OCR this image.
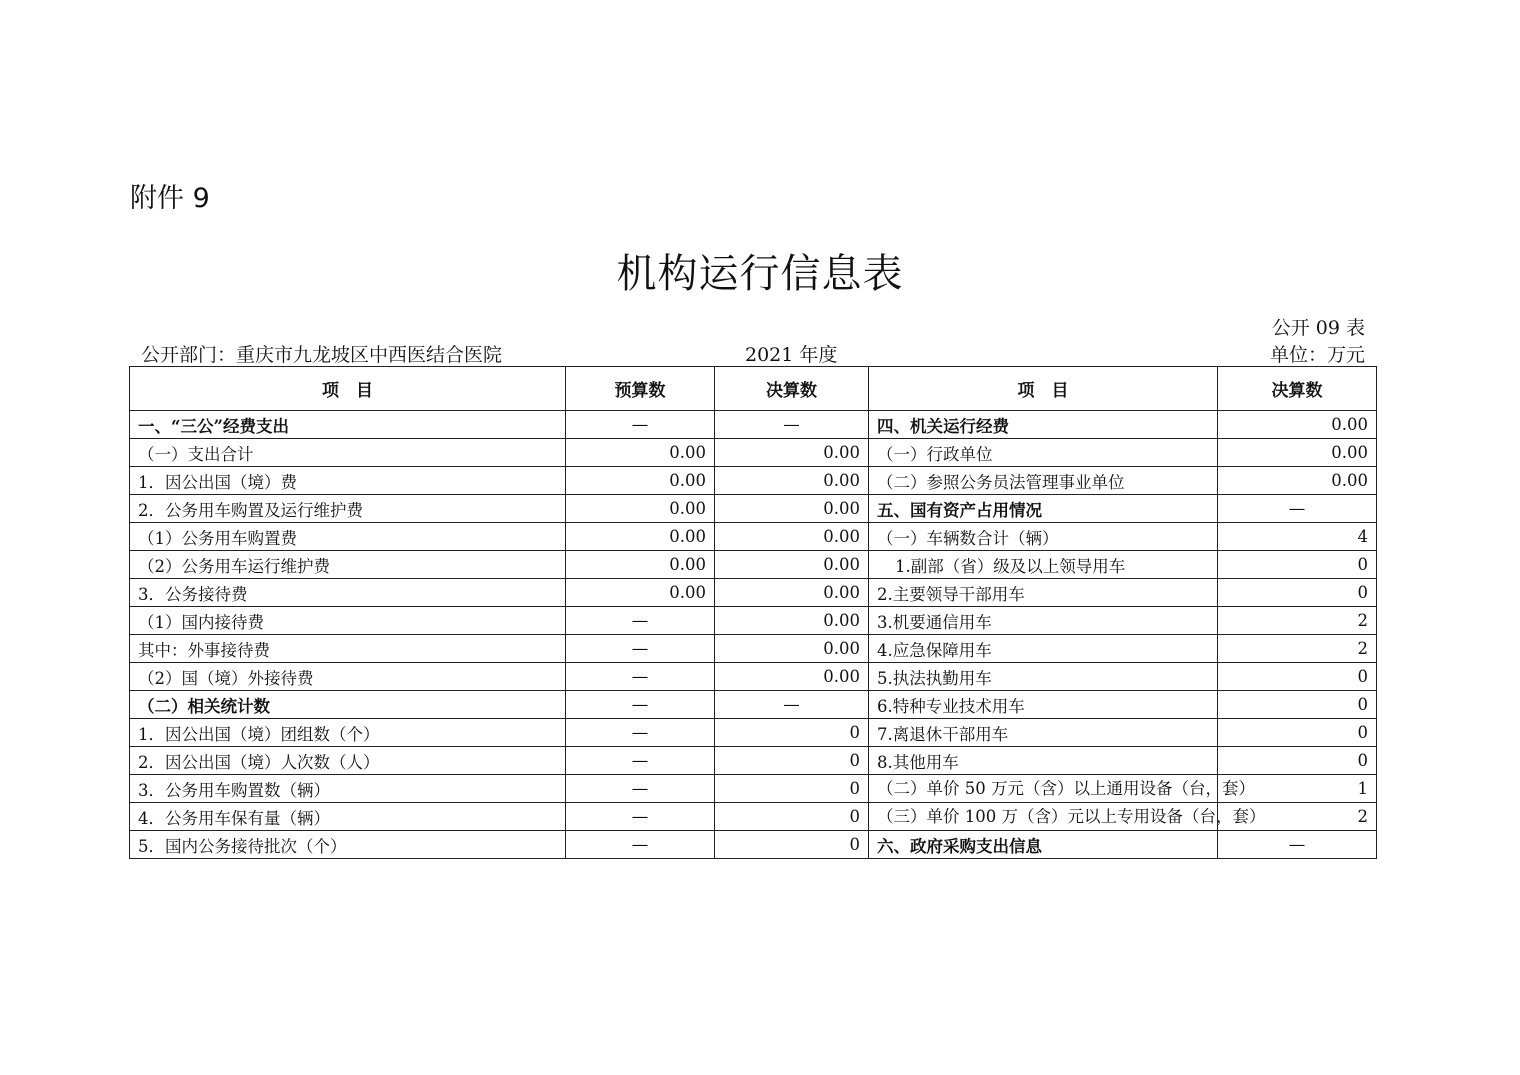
附件 9
机构运行信息表
公开 09 表
公开部门：重庆市九龙坡区中西医结合医院	2021 年度	单位：万元
项　目	预算数	决算数	项　目	决算数
一、“三公”经费支出	—	—	四、机关运行经费	0.00
（一）支出合计	0.00	0.00	（一）行政单位	0.00
1．因公出国（境）费	0.00	0.00	（二）参照公务员法管理事业单位	0.00
2．公务用车购置及运行维护费	0.00	0.00	五、国有资产占用情况	—
（1）公务用车购置费	0.00	0.00	（一）车辆数合计（辆）	4
（2）公务用车运行维护费	0.00	0.00	1.副部（省）级及以上领导用车	0
3．公务接待费	0.00	0.00	2.主要领导干部用车	0
（1）国内接待费	—	0.00	3.机要通信用车	2
其中：外事接待费	—	0.00	4.应急保障用车	2
（2）国（境）外接待费	—	0.00	5.执法执勤用车	0
（二）相关统计数	—	—	6.特种专业技术用车	0
1．因公出国（境）团组数（个）	—	0	7.离退休干部用车	0
2．因公出国（境）人次数（人）	—	0	8.其他用车	0
3．公务用车购置数（辆）	—	0	（二）单价 50 万元（含）以上通用设备（台，套）	1
4．公务用车保有量（辆）	—	0	（三）单价 100 万（含）元以上专用设备（台，套）	2
5．国内公务接待批次（个）	—	0	六、政府采购支出信息	—
